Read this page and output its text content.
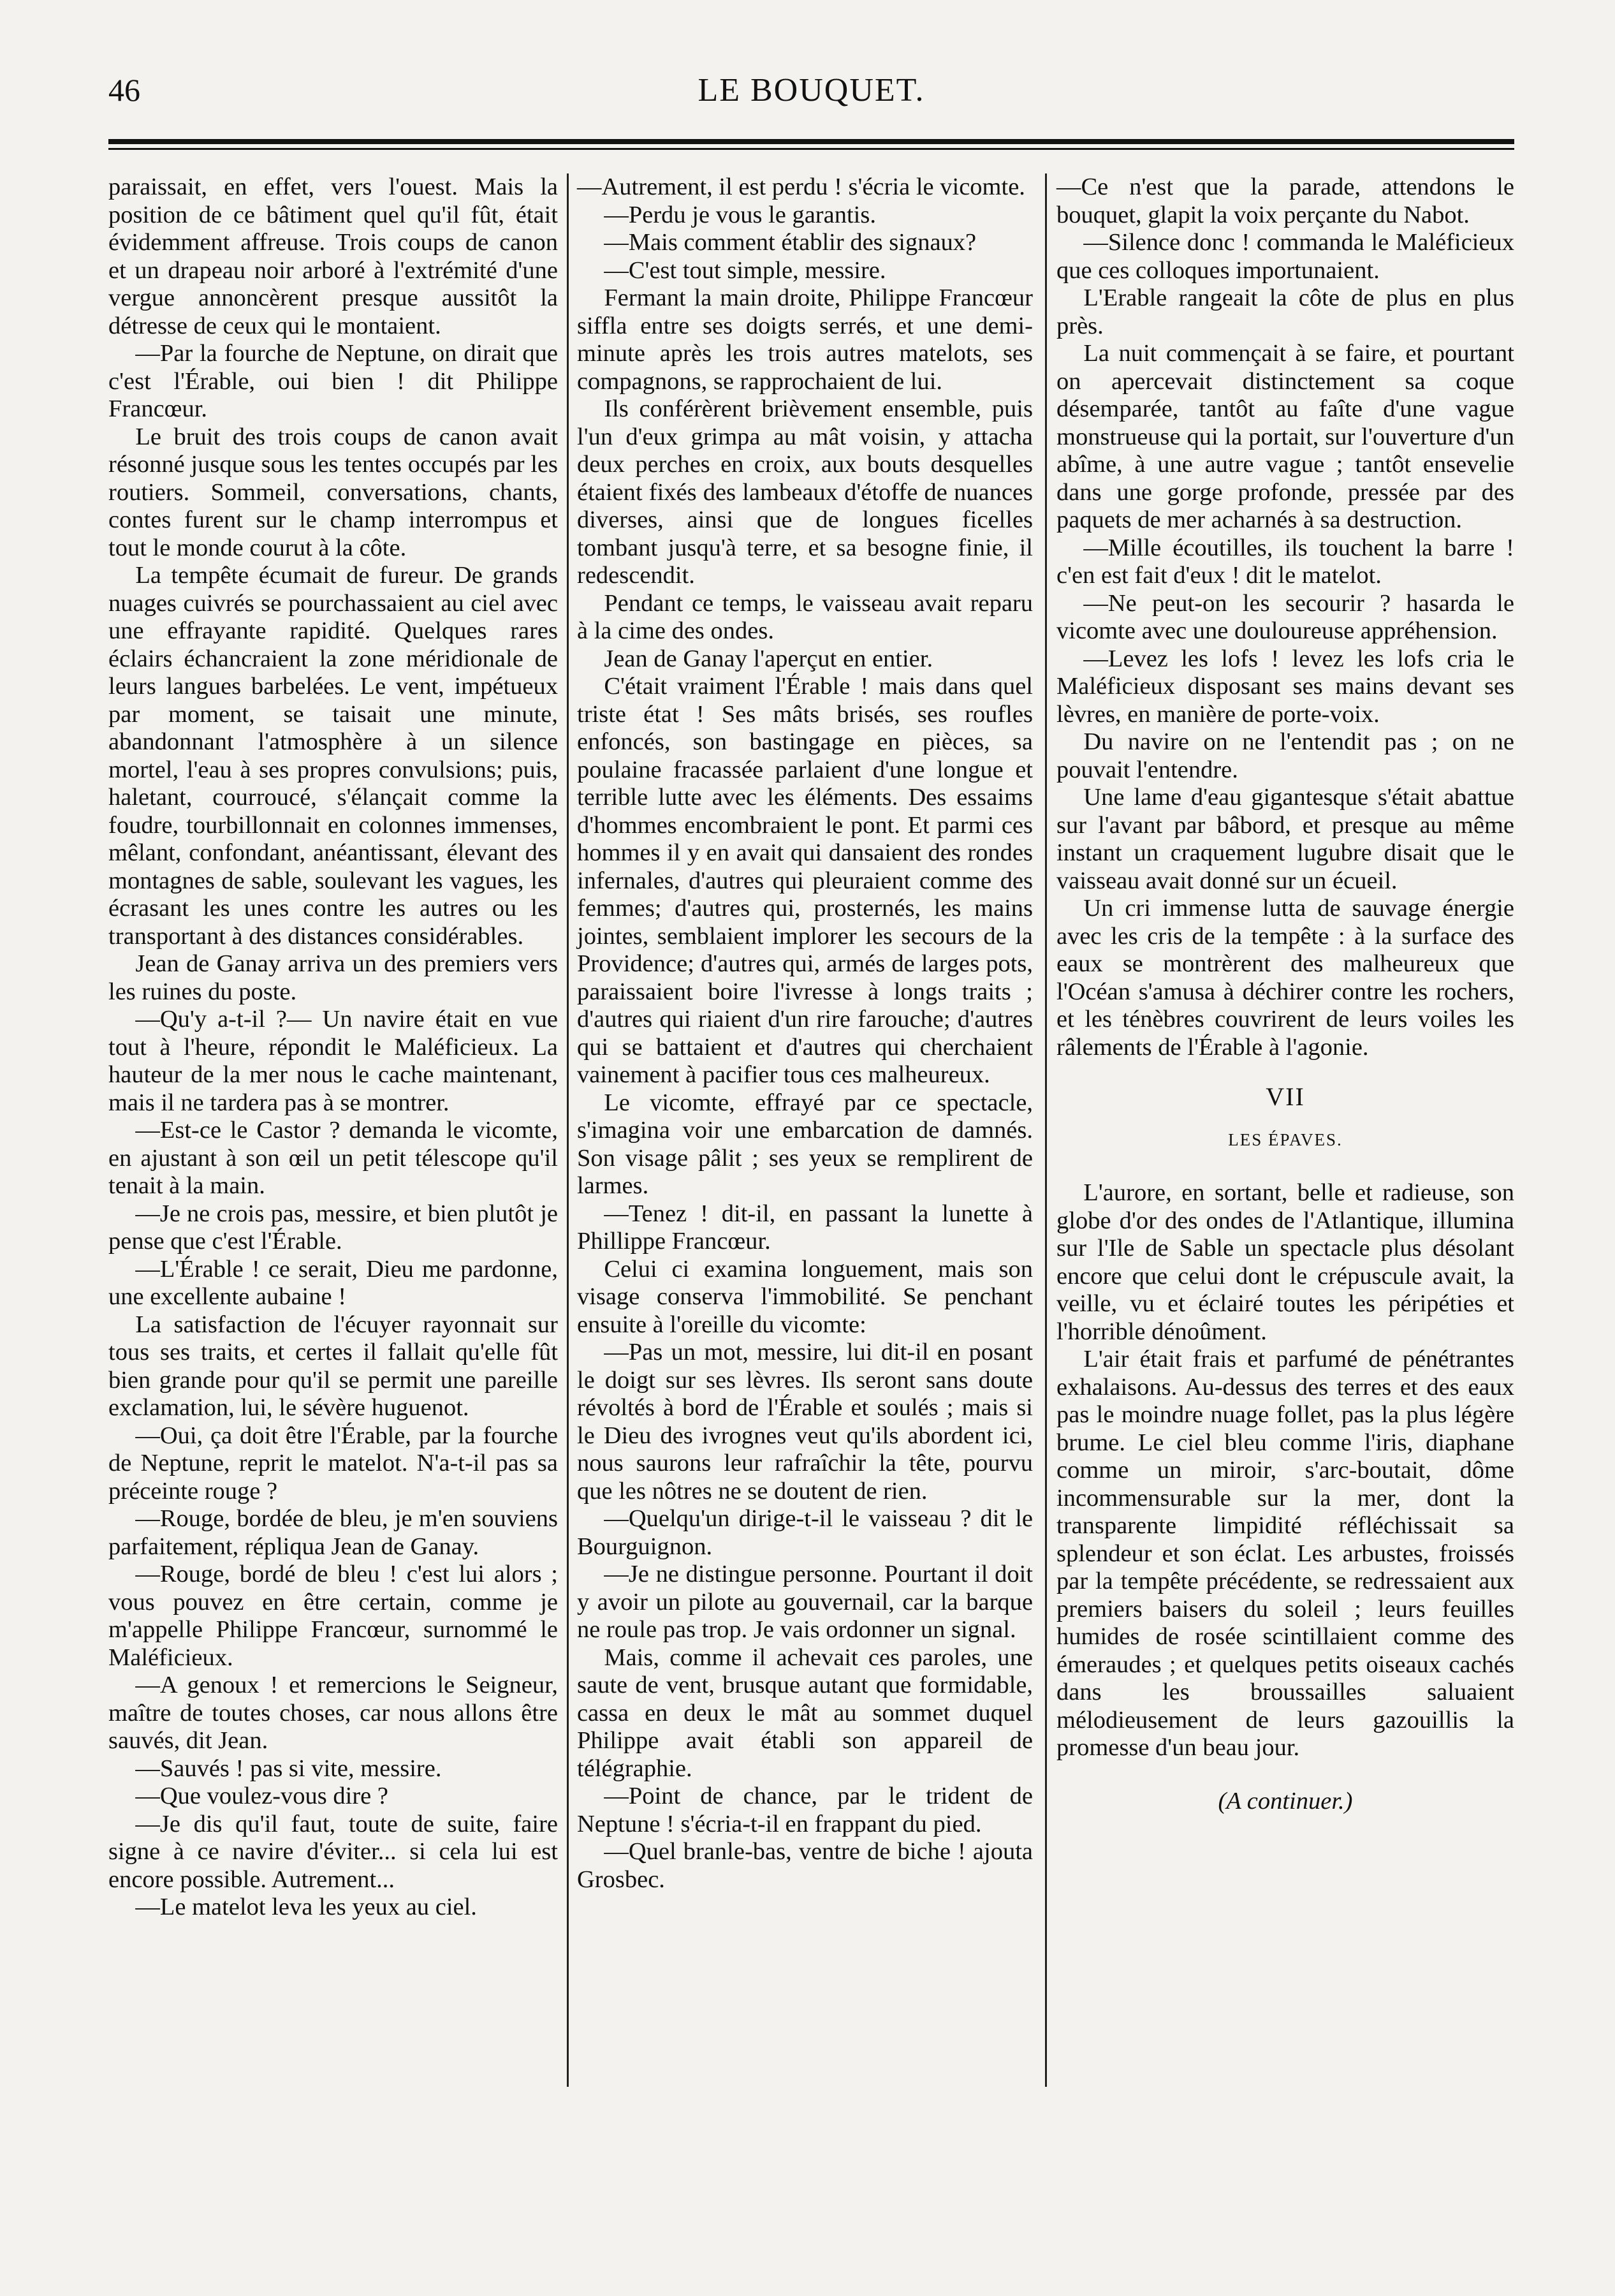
46	LE BOUQUET.

paraissait, en effet, vers l'ouest. Mais la position de ce bâtiment quel qu'il fût, était évidemment affreuse. Trois coups de canon et un drapeau noir arboré à l'extrémité d'une vergue annoncèrent presque aussitôt la détresse de ceux qui le montaient.

—Par la fourche de Neptune, on dirait que c'est l'Érable, oui bien ! dit Philippe Francœur.

Le bruit des trois coups de canon avait résonné jusque sous les tentes occupés par les routiers. Sommeil, conversations, chants, contes furent sur le champ interrompus et tout le monde courut à la côte.

La tempête écumait de fureur. De grands nuages cuivrés se pourchassaient au ciel avec une effrayante rapidité. Quelques rares éclairs échancraient la zone méridionale de leurs langues barbelées. Le vent, impétueux par moment, se taisait une minute, abandonnant l'atmosphère à un silence mortel, l'eau à ses propres convulsions; puis, haletant, courroucé, s'élançait comme la foudre, tourbillonnait en colonnes immenses, mêlant, confondant, anéantissant, élevant des montagnes de sable, soulevant les vagues, les écrasant les unes contre les autres ou les transportant à des distances considérables.

Jean de Ganay arriva un des premiers vers les ruines du poste.

—Qu'y a-t-il ?— Un navire était en vue tout à l'heure, répondit le Maléficieux. La hauteur de la mer nous le cache maintenant, mais il ne tardera pas à se montrer.

—Est-ce le Castor ? demanda le vicomte, en ajustant à son œil un petit télescope qu'il tenait à la main.

—Je ne crois pas, messire, et bien plutôt je pense que c'est l'Érable.

—L'Érable ! ce serait, Dieu me pardonne, une excellente aubaine !

La satisfaction de l'écuyer rayonnait sur tous ses traits, et certes il fallait qu'elle fût bien grande pour qu'il se permit une pareille exclamation, lui, le sévère huguenot.

—Oui, ça doit être l'Érable, par la fourche de Neptune, reprit le matelot. N'a-t-il pas sa préceinte rouge ?

—Rouge, bordée de bleu, je m'en souviens parfaitement, répliqua Jean de Ganay.

—Rouge, bordé de bleu ! c'est lui alors ; vous pouvez en être certain, comme je m'appelle Philippe Francœur, surnommé le Maléficieux.

—A genoux ! et remercions le Seigneur, maître de toutes choses, car nous allons être sauvés, dit Jean.

—Sauvés ! pas si vite, messire.

—Que voulez-vous dire ?

—Je dis qu'il faut, toute de suite, faire signe à ce navire d'éviter... si cela lui est encore possible. Autrement...

—Le matelot leva les yeux au ciel.

—Autrement, il est perdu ! s'écria le vicomte.

—Perdu je vous le garantis.

—Mais comment établir des signaux?

—C'est tout simple, messire.

Fermant la main droite, Philippe Francœur siffla entre ses doigts serrés, et une demi-minute après les trois autres matelots, ses compagnons, se rapprochaient de lui.

Ils conférèrent brièvement ensemble, puis l'un d'eux grimpa au mât voisin, y attacha deux perches en croix, aux bouts desquelles étaient fixés des lambeaux d'étoffe de nuances diverses, ainsi que de longues ficelles tombant jusqu'à terre, et sa besogne finie, il redescendit.

Pendant ce temps, le vaisseau avait reparu à la cime des ondes.

Jean de Ganay l'aperçut en entier.

C'était vraiment l'Érable ! mais dans quel triste état ! Ses mâts brisés, ses roufles enfoncés, son bastingage en pièces, sa poulaine fracassée parlaient d'une longue et terrible lutte avec les éléments. Des essaims d'hommes encombraient le pont. Et parmi ces hommes il y en avait qui dansaient des rondes infernales, d'autres qui pleuraient comme des femmes; d'autres qui, prosternés, les mains jointes, semblaient implorer les secours de la Providence; d'autres qui, armés de larges pots, paraissaient boire l'ivresse à longs traits ; d'autres qui riaient d'un rire farouche; d'autres qui se battaient et d'autres qui cherchaient vainement à pacifier tous ces malheureux.

Le vicomte, effrayé par ce spectacle, s'imagina voir une embarcation de damnés. Son visage pâlit ; ses yeux se remplirent de larmes.

—Tenez ! dit-il, en passant la lunette à Phillippe Francœur.

Celui ci examina longuement, mais son visage conserva l'immobilité. Se penchant ensuite à l'oreille du vicomte:

—Pas un mot, messire, lui dit-il en posant le doigt sur ses lèvres. Ils seront sans doute révoltés à bord de l'Érable et soulés ; mais si le Dieu des ivrognes veut qu'ils abordent ici, nous saurons leur rafraîchir la tête, pourvu que les nôtres ne se doutent de rien.

—Quelqu'un dirige-t-il le vaisseau ? dit le Bourguignon.

—Je ne distingue personne. Pourtant il doit y avoir un pilote au gouvernail, car la barque ne roule pas trop. Je vais ordonner un signal.

Mais, comme il achevait ces paroles, une saute de vent, brusque autant que formidable, cassa en deux le mât au sommet duquel Philippe avait établi son appareil de télégraphie.

—Point de chance, par le trident de Neptune ! s'écria-t-il en frappant du pied.

—Quel branle-bas, ventre de biche ! ajouta Grosbec.

—Ce n'est que la parade, attendons le bouquet, glapit la voix perçante du Nabot.

—Silence donc ! commanda le Maléficieux que ces colloques importunaient.

L'Erable rangeait la côte de plus en plus près.

La nuit commençait à se faire, et pourtant on apercevait distinctement sa coque désemparée, tantôt au faîte d'une vague monstrueuse qui la portait, sur l'ouverture d'un abîme, à une autre vague ; tantôt ensevelie dans une gorge profonde, pressée par des paquets de mer acharnés à sa destruction.

—Mille écoutilles, ils touchent la barre ! c'en est fait d'eux ! dit le matelot.

—Ne peut-on les secourir ? hasarda le vicomte avec une douloureuse appréhension.

—Levez les lofs ! levez les lofs cria le Maléficieux disposant ses mains devant ses lèvres, en manière de porte-voix.

Du navire on ne l'entendit pas ; on ne pouvait l'entendre.

Une lame d'eau gigantesque s'était abattue sur l'avant par bâbord, et presque au même instant un craquement lugubre disait que le vaisseau avait donné sur un écueil.

Un cri immense lutta de sauvage énergie avec les cris de la tempête : à la surface des eaux se montrèrent des malheureux que l'Océan s'amusa à déchirer contre les rochers, et les ténèbres couvrirent de leurs voiles les râlements de l'Érable à l'agonie.

VII
LES ÉPAVES.

L'aurore, en sortant, belle et radieuse, son globe d'or des ondes de l'Atlantique, illumina sur l'Ile de Sable un spectacle plus désolant encore que celui dont le crépuscule avait, la veille, vu et éclairé toutes les péripéties et l'horrible dénoûment.

L'air était frais et parfumé de pénétrantes exhalaisons. Au-dessus des terres et des eaux pas le moindre nuage follet, pas la plus légère brume. Le ciel bleu comme l'iris, diaphane comme un miroir, s'arc-boutait, dôme incommensurable sur la mer, dont la transparente limpidité réfléchissait sa splendeur et son éclat. Les arbustes, froissés par la tempête précédente, se redressaient aux premiers baisers du soleil ; leurs feuilles humides de rosée scintillaient comme des émeraudes ; et quelques petits oiseaux cachés dans les broussailles saluaient mélodieusement de leurs gazouillis la promesse d'un beau jour.

(A continuer.)
